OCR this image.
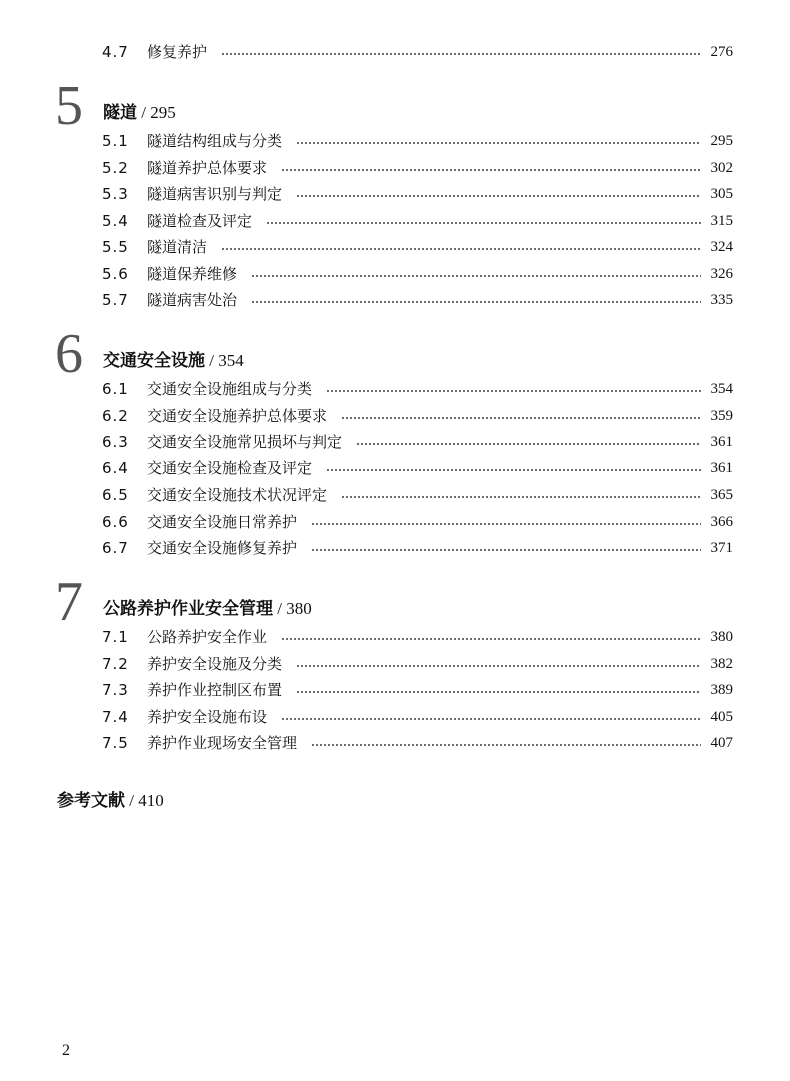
4.7	修复养护	276
5	隧道 / 295
5.1	隧道结构组成与分类	295
5.2	隧道养护总体要求	302
5.3	隧道病害识别与判定	305
5.4	隧道检查及评定	315
5.5	隧道清洁	324
5.6	隧道保养维修	326
5.7	隧道病害处治	335
6	交通安全设施 / 354
6.1	交通安全设施组成与分类	354
6.2	交通安全设施养护总体要求	359
6.3	交通安全设施常见损坏与判定	361
6.4	交通安全设施检查及评定	361
6.5	交通安全设施技术状况评定	365
6.6	交通安全设施日常养护	366
6.7	交通安全设施修复养护	371
7	公路养护作业安全管理 / 380
7.1	公路养护安全作业	380
7.2	养护安全设施及分类	382
7.3	养护作业控制区布置	389
7.4	养护安全设施布设	405
7.5	养护作业现场安全管理	407
参考文献 / 410
2
